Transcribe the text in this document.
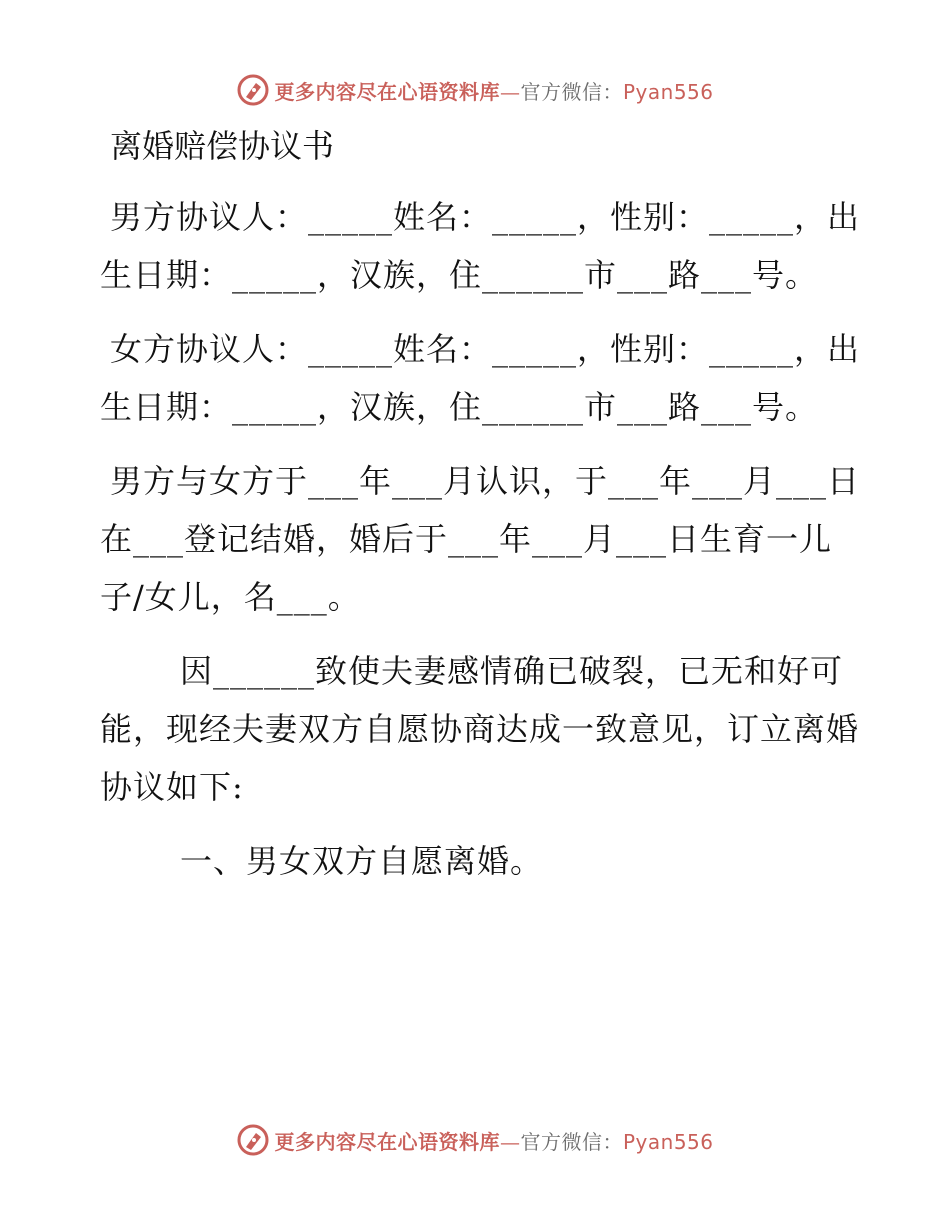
更多内容尽在心语资料库—官方微信：Pyan556
离婚赔偿协议书

男方协议人：_____姓名：_____，性别：_____，出生日期：_____，汉族，住______市___路___号。

女方协议人：_____姓名：_____，性别：_____，出生日期：_____，汉族，住______市___路___号。

男方与女方于___年___月认识，于___年___月___日在___登记结婚，婚后于___年___月___日生育一儿子/女儿，名___。

因______致使夫妻感情确已破裂，已无和好可能，现经夫妻双方自愿协商达成一致意见，订立离婚协议如下:

一、男女双方自愿离婚。

更多内容尽在心语资料库—官方微信：Pyan556
